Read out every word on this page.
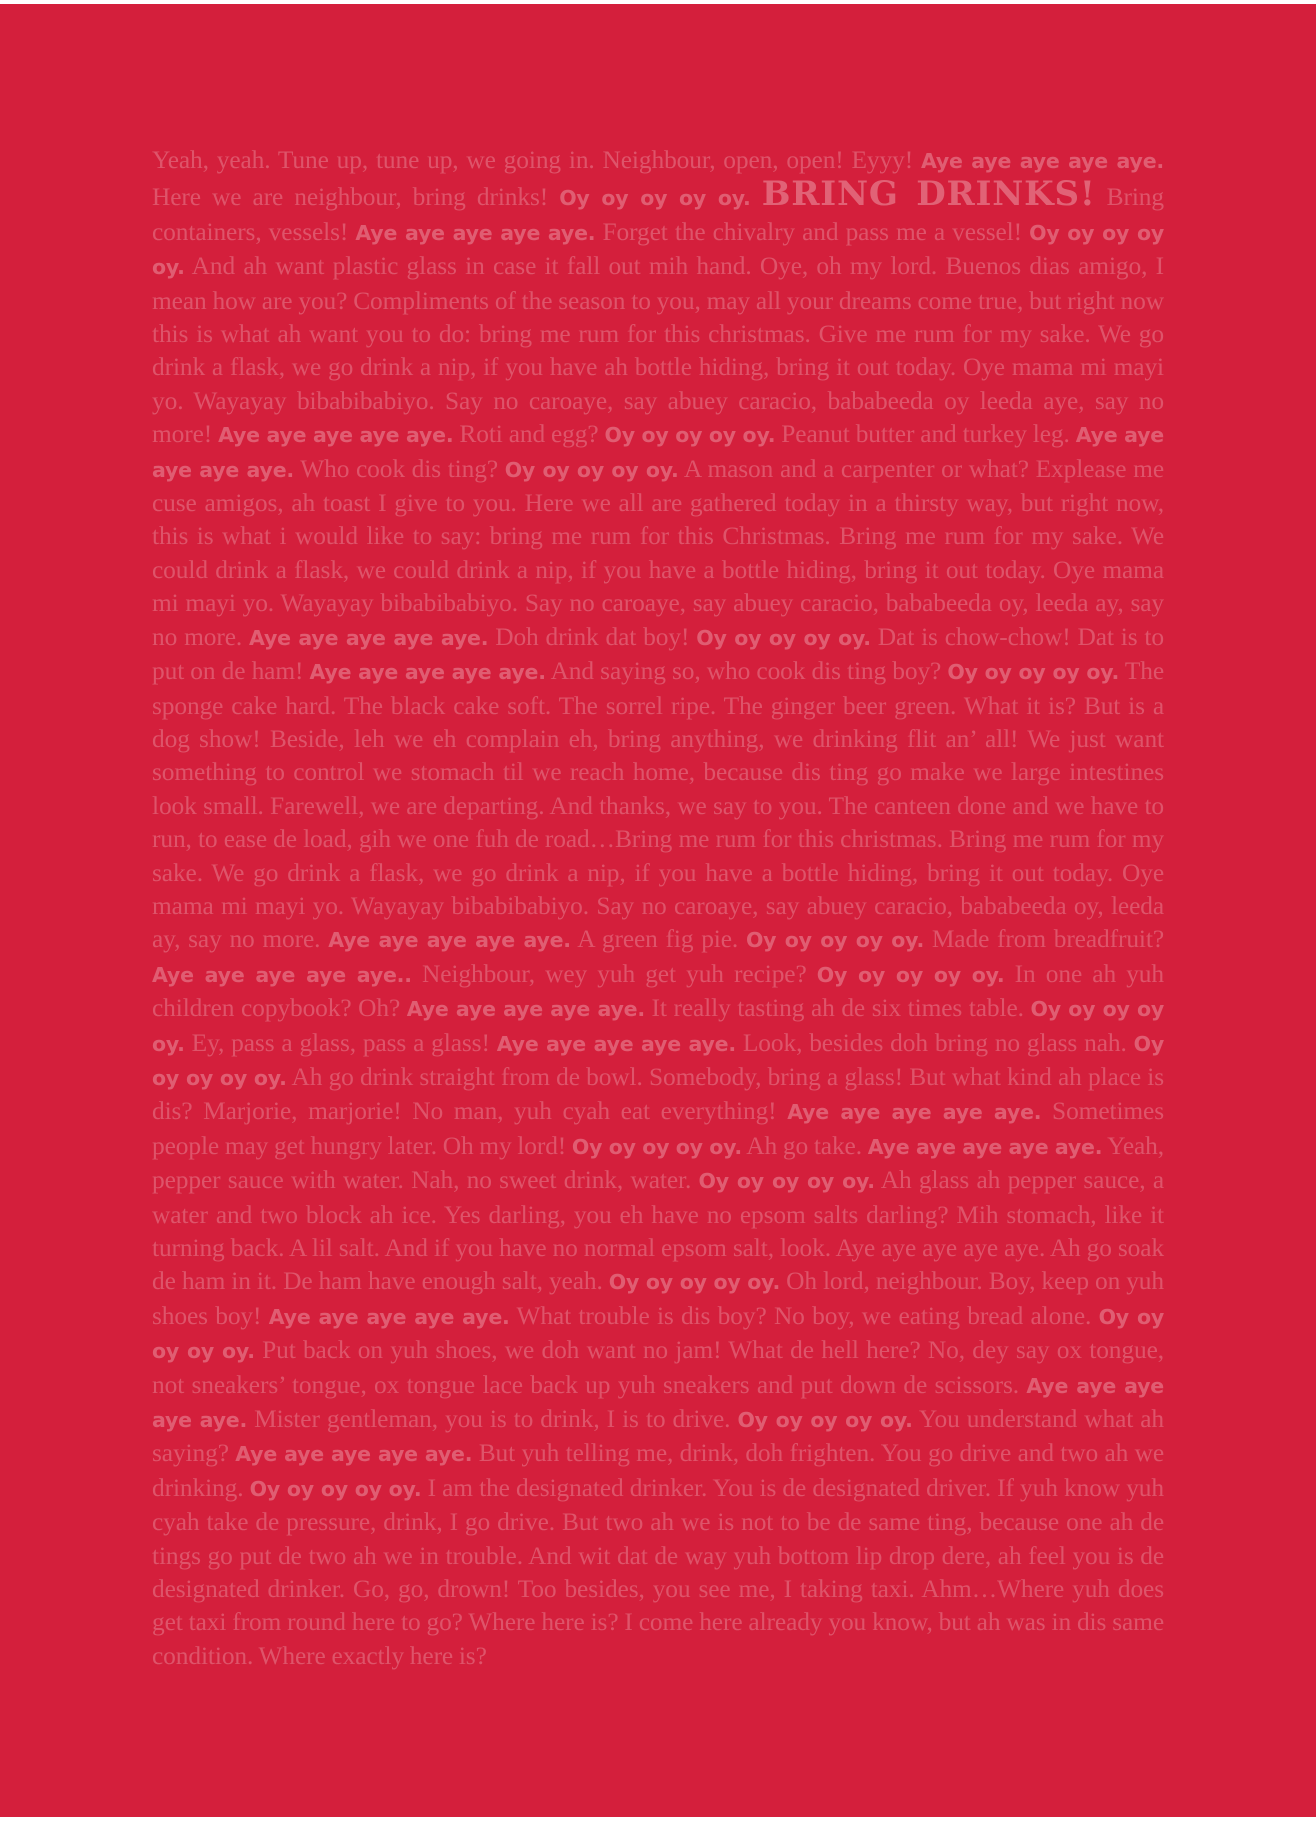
Yeah, yeah. Tune up, tune up, we going in. Neighbour, open, open! Eyyy! Aye aye aye aye aye. Here we are neighbour, bring drinks! Oy oy oy oy oy. BRING DRINKS! Bring containers, vessels! Aye aye aye aye aye. Forget the chivalry and pass me a vessel! Oy oy oy oy oy. And ah want plastic glass in case it fall out mih hand. Oye, oh my lord. Buenos dias amigo, I mean how are you? Compliments of the season to you, may all your dreams come true, but right now this is what ah want you to do: bring me rum for this christmas. Give me rum for my sake. We go drink a flask, we go drink a nip, if you have ah bottle hiding, bring it out today. Oye mama mi mayi yo. Wayayay bibabibabiyo. Say no caroaye, say abuey caracio, bababeeda oy leeda aye, say no more! Aye aye aye aye aye. Roti and egg? Oy oy oy oy oy. Peanut butter and turkey leg. Aye aye aye aye aye. Who cook dis ting? Oy oy oy oy oy. A mason and a carpenter or what? Explease me cuse amigos, ah toast I give to you. Here we all are gathered today in a thirsty way, but right now, this is what i would like to say: bring me rum for this Christmas. Bring me rum for my sake. We could drink a flask, we could drink a nip, if you have a bottle hiding, bring it out today. Oye mama mi mayi yo. Wayayay bibabibabiyo. Say no caroaye, say abuey caracio, bababeeda oy, leeda ay, say no more. Aye aye aye aye aye. Doh drink dat boy! Oy oy oy oy oy. Dat is chow-chow! Dat is to put on de ham! Aye aye aye aye aye. And saying so, who cook dis ting boy? Oy oy oy oy oy. The sponge cake hard. The black cake soft. The sorrel ripe. The ginger beer green. What it is? But is a dog show! Beside, leh we eh complain eh, bring anything, we drinking flit an’ all! We just want something to control we stomach til we reach home, because dis ting go make we large intestines look small. Farewell, we are departing. And thanks, we say to you. The canteen done and we have to run, to ease de load, gih we one fuh de road…Bring me rum for this christmas. Bring me rum for my sake. We go drink a flask, we go drink a nip, if you have a bottle hiding, bring it out today. Oye mama mi mayi yo. Wayayay bibabibabiyo. Say no caroaye, say abuey caracio, bababeeda oy, leeda ay, say no more. Aye aye aye aye aye. A green fig pie. Oy oy oy oy oy. Made from breadfruit? Aye aye aye aye aye.. Neighbour, wey yuh get yuh recipe? Oy oy oy oy oy. In one ah yuh children copybook? Oh? Aye aye aye aye aye. It really tasting ah de six times table. Oy oy oy oy oy. Ey, pass a glass, pass a glass! Aye aye aye aye aye. Look, besides doh bring no glass nah. Oy oy oy oy oy. Ah go drink straight from de bowl. Somebody, bring a glass! But what kind ah place is dis? Marjorie, marjorie! No man, yuh cyah eat everything! Aye aye aye aye aye. Sometimes people may get hungry later. Oh my lord! Oy oy oy oy oy. Ah go take. Aye aye aye aye aye. Yeah, pepper sauce with water. Nah, no sweet drink, water. Oy oy oy oy oy. Ah glass ah pepper sauce, a water and two block ah ice. Yes darling, you eh have no epsom salts darling? Mih stomach, like it turning back. A lil salt. And if you have no normal epsom salt, look. Aye aye aye aye aye. Ah go soak de ham in it. De ham have enough salt, yeah. Oy oy oy oy oy. Oh lord, neighbour. Boy, keep on yuh shoes boy! Aye aye aye aye aye. What trouble is dis boy? No boy, we eating bread alone. Oy oy oy oy oy. Put back on yuh shoes, we doh want no jam! What de hell here? No, dey say ox tongue, not sneakers’ tongue, ox tongue lace back up yuh sneakers and put down de scissors. Aye aye aye aye aye. Mister gentleman, you is to drink, I is to drive. Oy oy oy oy oy. You understand what ah saying? Aye aye aye aye aye. But yuh telling me, drink, doh frighten. You go drive and two ah we drinking. Oy oy oy oy oy. I am the designated drinker. You is de designated driver. If yuh know yuh cyah take de pressure, drink, I go drive. But two ah we is not to be de same ting, because one ah de tings go put de two ah we in trouble. And wit dat de way yuh bottom lip drop dere, ah feel you is de designated drinker. Go, go, drown! Too besides, you see me, I taking taxi. Ahm…Where yuh does get taxi from round here to go? Where here is? I come here already you know, but ah was in dis same condition. Where exactly here is?
